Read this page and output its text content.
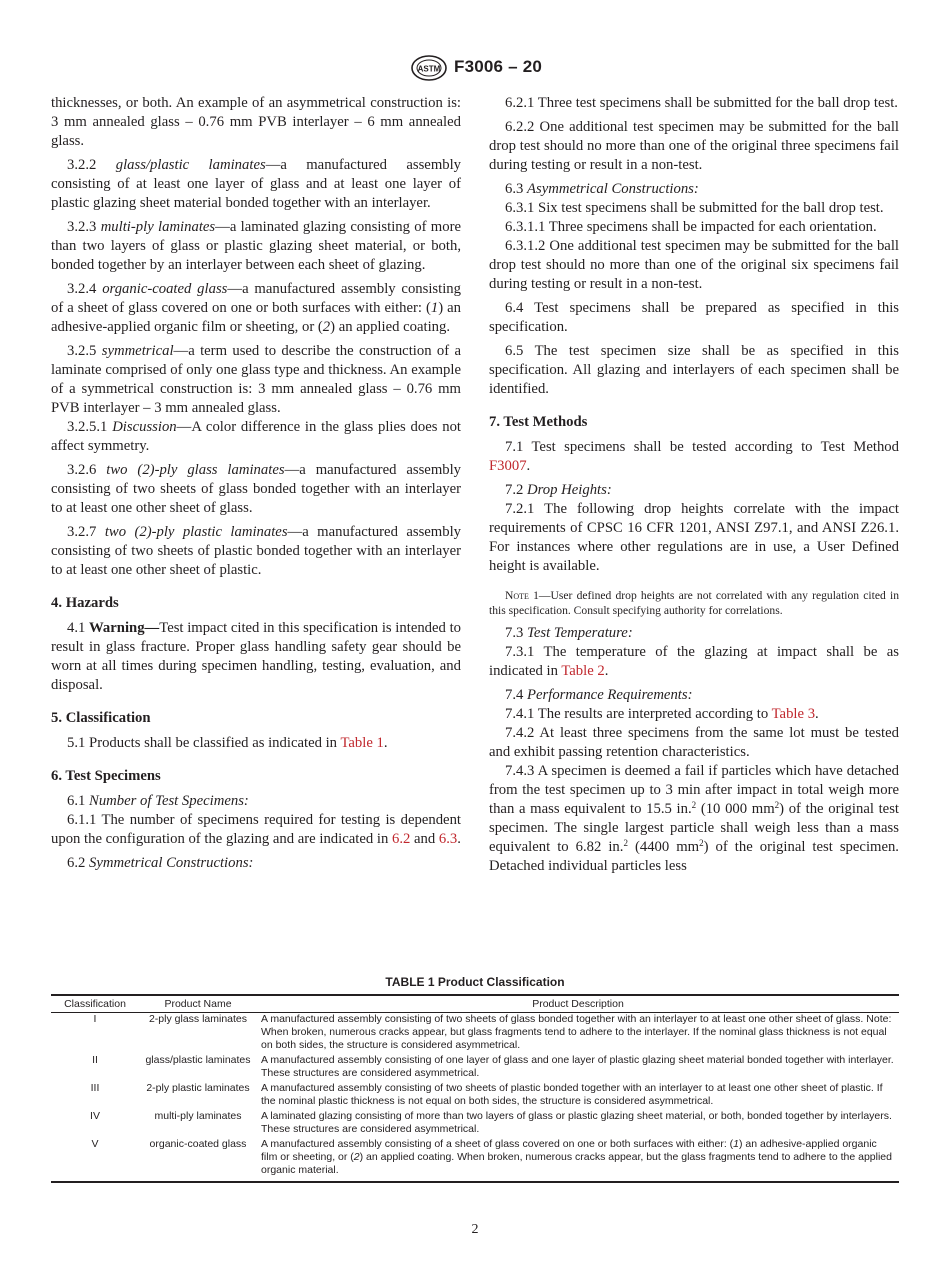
ASTM F3006 – 20

thicknesses, or both. An example of an asymmetrical construction is: 3 mm annealed glass – 0.76 mm PVB interlayer – 6 mm annealed glass.

3.2.2 glass/plastic laminates—a manufactured assembly consisting of at least one layer of glass and at least one layer of plastic glazing sheet material bonded together with an interlayer.

3.2.3 multi-ply laminates—a laminated glazing consisting of more than two layers of glass or plastic glazing sheet material, or both, bonded together by an interlayer between each sheet of glazing.

3.2.4 organic-coated glass—a manufactured assembly consisting of a sheet of glass covered on one or both surfaces with either: (1) an adhesive-applied organic film or sheeting, or (2) an applied coating.

3.2.5 symmetrical—a term used to describe the construction of a laminate comprised of only one glass type and thickness. An example of a symmetrical construction is: 3 mm annealed glass – 0.76 mm PVB interlayer – 3 mm annealed glass.

3.2.5.1 Discussion—A color difference in the glass plies does not affect symmetry.

3.2.6 two (2)-ply glass laminates—a manufactured assembly consisting of two sheets of glass bonded together with an interlayer to at least one other sheet of glass.

3.2.7 two (2)-ply plastic laminates—a manufactured assembly consisting of two sheets of plastic bonded together with an interlayer to at least one other sheet of plastic.

4. Hazards

4.1 Warning—Test impact cited in this specification is intended to result in glass fracture. Proper glass handling safety gear should be worn at all times during specimen handling, testing, evaluation, and disposal.

5. Classification

5.1 Products shall be classified as indicated in Table 1.

6. Test Specimens

6.1 Number of Test Specimens:

6.1.1 The number of specimens required for testing is dependent upon the configuration of the glazing and are indicated in 6.2 and 6.3.

6.2 Symmetrical Constructions:

6.2.1 Three test specimens shall be submitted for the ball drop test.

6.2.2 One additional test specimen may be submitted for the ball drop test should no more than one of the original three specimens fail during testing or result in a non-test.

6.3 Asymmetrical Constructions:

6.3.1 Six test specimens shall be submitted for the ball drop test.

6.3.1.1 Three specimens shall be impacted for each orientation.

6.3.1.2 One additional test specimen may be submitted for the ball drop test should no more than one of the original six specimens fail during testing or result in a non-test.

6.4 Test specimens shall be prepared as specified in this specification.

6.5 The test specimen size shall be as specified in this specification. All glazing and interlayers of each specimen shall be identified.

7. Test Methods

7.1 Test specimens shall be tested according to Test Method F3007.

7.2 Drop Heights:

7.2.1 The following drop heights correlate with the impact requirements of CPSC 16 CFR 1201, ANSI Z97.1, and ANSI Z26.1. For instances where other regulations are in use, a User Defined height is available.

Note 1—User defined drop heights are not correlated with any regulation cited in this specification. Consult specifying authority for correlations.

7.3 Test Temperature:

7.3.1 The temperature of the glazing at impact shall be as indicated in Table 2.

7.4 Performance Requirements:

7.4.1 The results are interpreted according to Table 3.

7.4.2 At least three specimens from the same lot must be tested and exhibit passing retention characteristics.

7.4.3 A specimen is deemed a fail if particles which have detached from the test specimen up to 3 min after impact in total weigh more than a mass equivalent to 15.5 in.$^2$ (10 000 $mm^2$) of the original test specimen. The single largest particle shall weigh less than a mass equivalent to 6.82 in.$^2$ (4400 $mm^2$) of the original test specimen. Detached individual particles less

TABLE 1 Product Classification
Classification	Product Name	Product Description
I	2-ply glass laminates	A manufactured assembly consisting of two sheets of glass bonded together with an interlayer to at least one other sheet of glass. Note: When broken, numerous cracks appear, but glass fragments tend to adhere to the interlayer. If the nominal glass thickness is not equal on both sides, the structure is considered asymmetrical.
II	glass/plastic laminates	A manufactured assembly consisting of one layer of glass and one layer of plastic glazing sheet material bonded together with interlayer. These structures are considered asymmetrical.
III	2-ply plastic laminates	A manufactured assembly consisting of two sheets of plastic bonded together with an interlayer to at least one other sheet of plastic. If the nominal plastic thickness is not equal on both sides, the structure is considered asymmetrical.
IV	multi-ply laminates	A laminated glazing consisting of more than two layers of glass or plastic glazing sheet material, or both, bonded together by interlayers. These structures are considered asymmetrical.
V	organic-coated glass	A manufactured assembly consisting of a sheet of glass covered on one or both surfaces with either: (1) an adhesive-applied organic film or sheeting, or (2) an applied coating. When broken, numerous cracks appear, but the glass fragments tend to adhere to the applied organic material.
2
